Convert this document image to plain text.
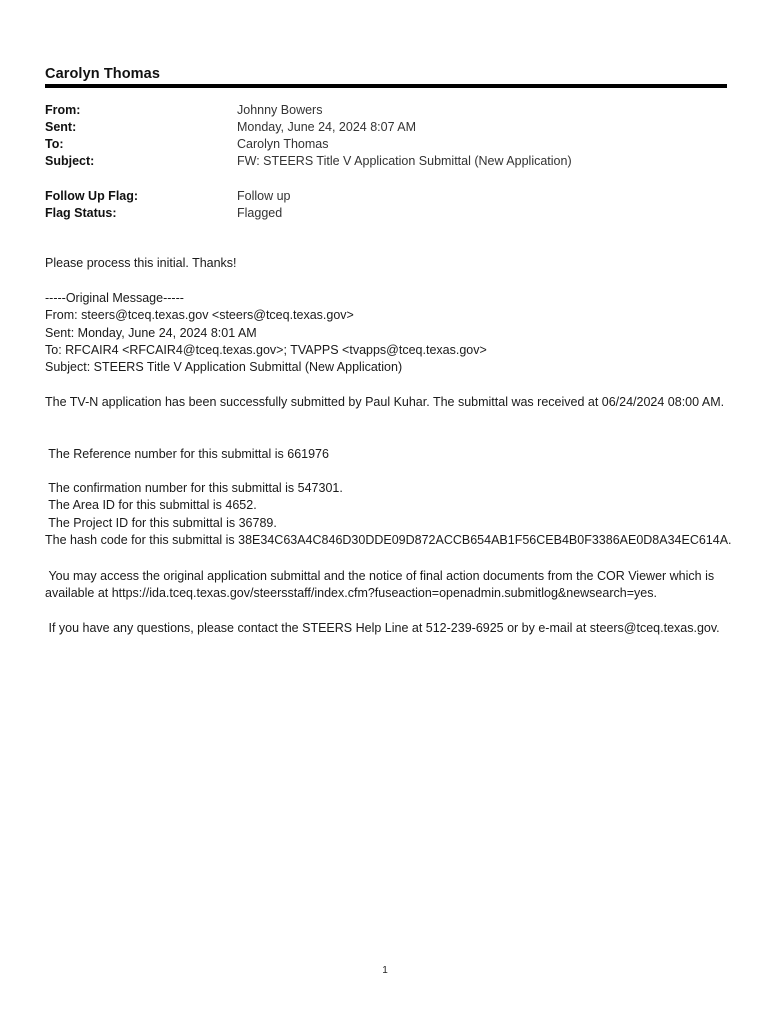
Carolyn Thomas
From:	Johnny Bowers
Sent:	Monday, June 24, 2024 8:07 AM
To:	Carolyn Thomas
Subject:	FW: STEERS Title V Application Submittal (New Application)
Follow Up Flag:	Follow up
Flag Status:	Flagged

Please process this initial. Thanks!

-----Original Message-----

From: steers@tceq.texas.gov <steers@tceq.texas.gov>

Sent: Monday, June 24, 2024 8:01 AM

To: RFCAIR4 <RFCAIR4@tceq.texas.gov>; TVAPPS <tvapps@tceq.texas.gov>

Subject: STEERS Title V Application Submittal (New Application)

The TV-N application has been successfully submitted by Paul Kuhar. The submittal was received at 06/24/2024 08:00 AM.

The Reference number for this submittal is 661976

The confirmation number for this submittal is 547301.

The Area ID for this submittal is 4652.

The Project ID for this submittal is 36789.

The hash code for this submittal is 38E34C63A4C846D30DDE09D872ACCB654AB1F56CEB4B0F3386AE0D8A34EC614A.

You may access the original application submittal and the notice of final action documents from the COR Viewer which is available at https://ida.tceq.texas.gov/steersstaff/index.cfm?fuseaction=openadmin.submitlog&newsearch=yes.

If you have any questions, please contact the STEERS Help Line at 512-239-6925 or by e-mail at steers@tceq.texas.gov.

1
